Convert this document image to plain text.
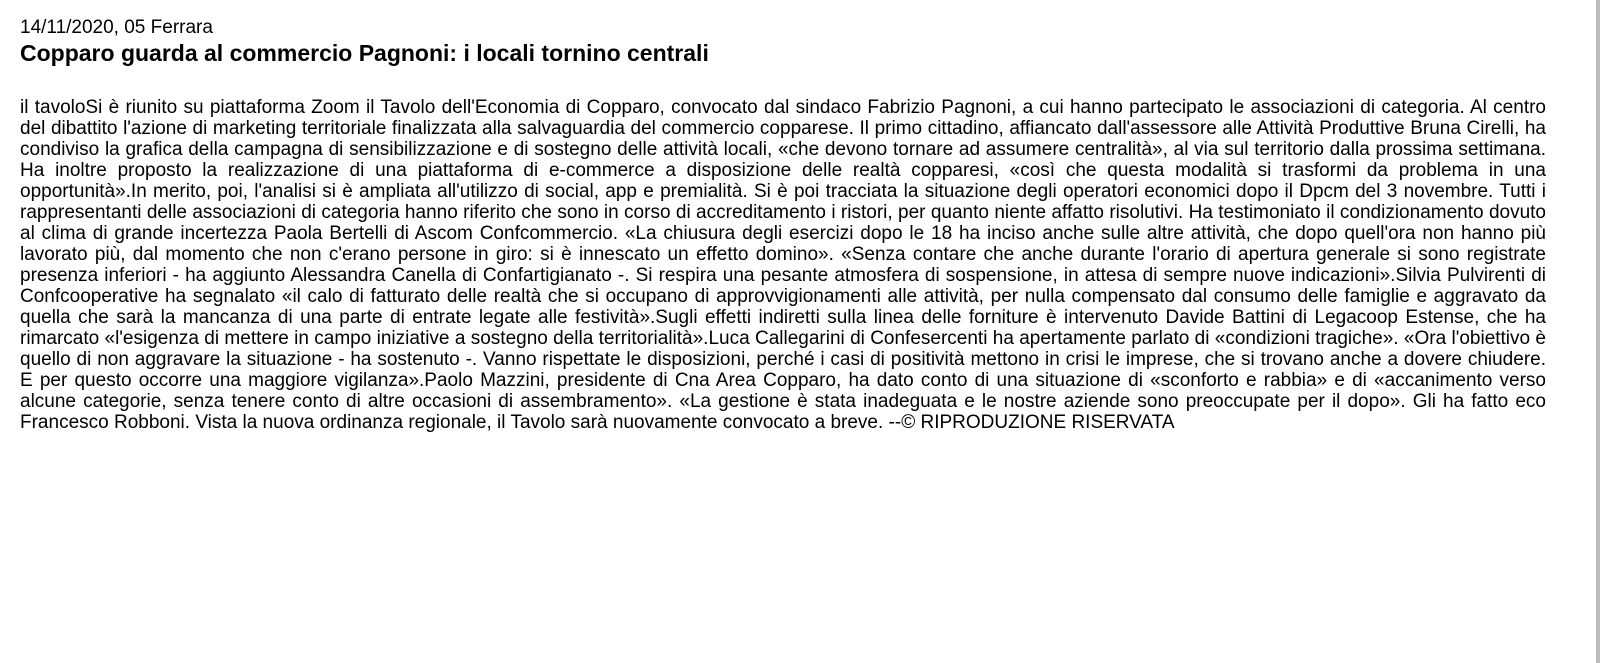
14/11/2020, 05 Ferrara

Copparo guarda al commercio Pagnoni: i locali tornino centrali

il tavoloSi è riunito su piattaforma Zoom il Tavolo dell'Economia di Copparo, convocato dal sindaco Fabrizio Pagnoni, a cui hanno partecipato le associazioni di categoria. Al centro del dibattito l'azione di marketing territoriale finalizzata alla salvaguardia del commercio copparese. Il primo cittadino, affiancato dall'assessore alle Attività Produttive Bruna Cirelli, ha condiviso la grafica della campagna di sensibilizzazione e di sostegno delle attività locali, «che devono tornare ad assumere centralità», al via sul territorio dalla prossima settimana. Ha inoltre proposto la realizzazione di una piattaforma di e-commerce a disposizione delle realtà copparesi, «così che questa modalità si trasformi da problema in una opportunità».In merito, poi, l'analisi si è ampliata all'utilizzo di social, app e premialità. Si è poi tracciata la situazione degli operatori economici dopo il Dpcm del 3 novembre. Tutti i rappresentanti delle associazioni di categoria hanno riferito che sono in corso di accreditamento i ristori, per quanto niente affatto risolutivi. Ha testimoniato il condizionamento dovuto al clima di grande incertezza Paola Bertelli di Ascom Confcommercio. «La chiusura degli esercizi dopo le 18 ha inciso anche sulle altre attività, che dopo quell'ora non hanno più lavorato più, dal momento che non c'erano persone in giro: si è innescato un effetto domino». «Senza contare che anche durante l'orario di apertura generale si sono registrate presenza inferiori - ha aggiunto Alessandra Canella di Confartigianato -. Si respira una pesante atmosfera di sospensione, in attesa di sempre nuove indicazioni».Silvia Pulvirenti di Confcooperative ha segnalato «il calo di fatturato delle realtà che si occupano di approvvigionamenti alle attività, per nulla compensato dal consumo delle famiglie e aggravato da quella che sarà la mancanza di una parte di entrate legate alle festività».Sugli effetti indiretti sulla linea delle forniture è intervenuto Davide Battini di Legacoop Estense, che ha rimarcato «l'esigenza di mettere in campo iniziative a sostegno della territorialità».Luca Callegarini di Confesercenti ha apertamente parlato di «condizioni tragiche». «Ora l'obiettivo è quello di non aggravare la situazione - ha sostenuto -. Vanno rispettate le disposizioni, perché i casi di positività mettono in crisi le imprese, che si trovano anche a dovere chiudere. E per questo occorre una maggiore vigilanza».Paolo Mazzini, presidente di Cna Area Copparo, ha dato conto di una situazione di «sconforto e rabbia» e di «accanimento verso alcune categorie, senza tenere conto di altre occasioni di assembramento». «La gestione è stata inadeguata e le nostre aziende sono preoccupate per il dopo». Gli ha fatto eco Francesco Robboni. Vista la nuova ordinanza regionale, il Tavolo sarà nuovamente convocato a breve. --© RIPRODUZIONE RISERVATA
